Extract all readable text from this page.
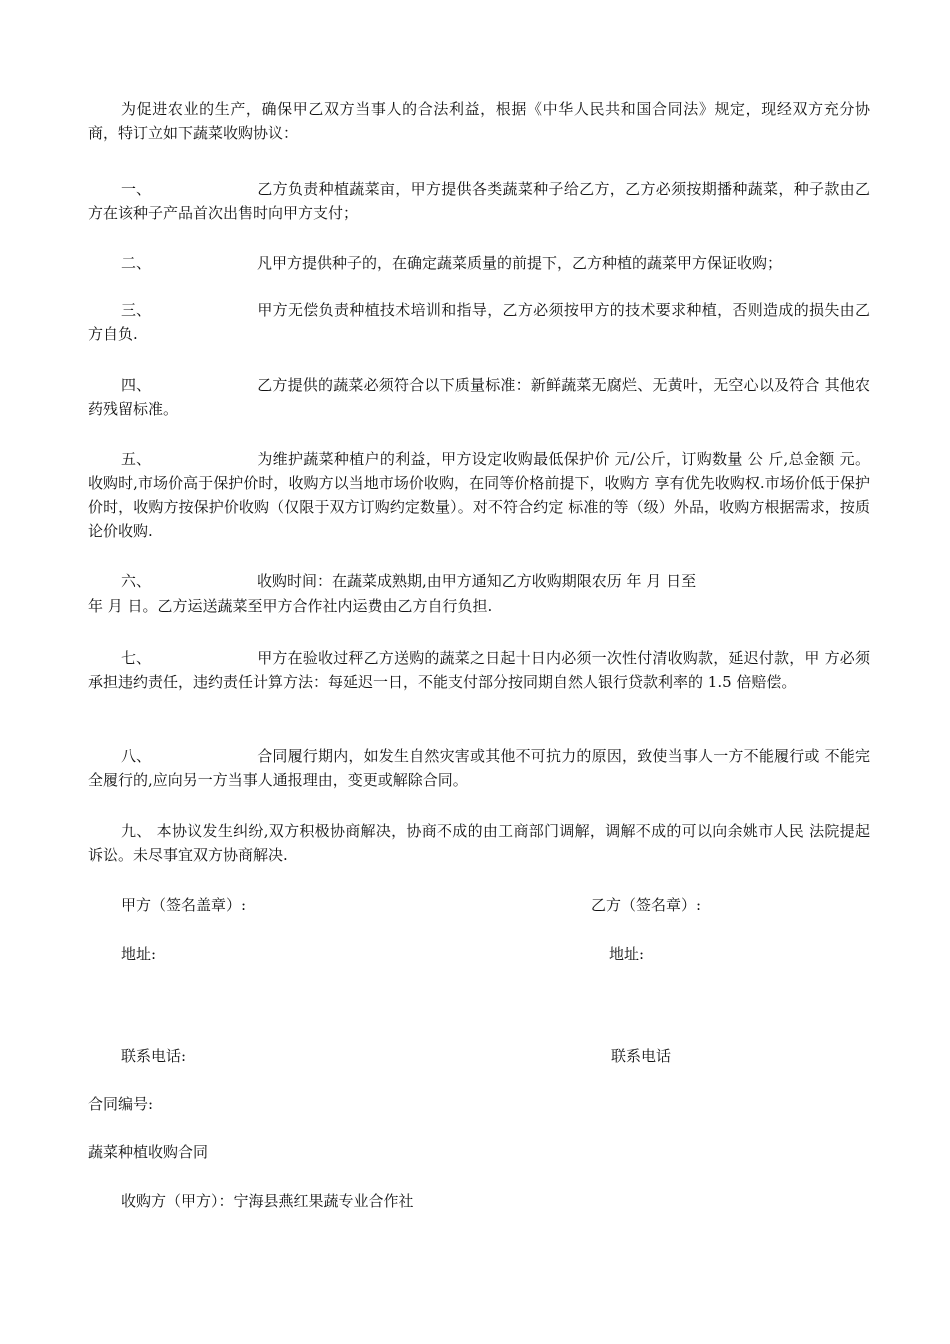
为促进农业的生产，确保甲乙双方当事人的合法利益，根据《中华人民共和国合同法》规定，现经双方充分协商，特订立如下蔬菜收购协议：

一、	乙方负责种植蔬菜亩，甲方提供各类蔬菜种子给乙方，乙方必须按期播种蔬菜，种子款由乙方在该种子产品首次出售时向甲方支付；

二、	凡甲方提供种子的，在确定蔬菜质量的前提下，乙方种植的蔬菜甲方保证收购；

三、	甲方无偿负责种植技术培训和指导，乙方必须按甲方的技术要求种植，否则造成的损失由乙方自负.

四、	乙方提供的蔬菜必须符合以下质量标准：新鲜蔬菜无腐烂、无黄叶，无空心以及符合 其他农药残留标准。

五、	为维护蔬菜种植户的利益，甲方设定收购最低保护价 元/公斤，订购数量 公 斤,总金额 元。收购时,市场价高于保护价时，收购方以当地市场价收购，在同等价格前提下，收购方 享有优先收购权.市场价低于保护价时，收购方按保护价收购（仅限于双方订购约定数量）。对不符合约定 标准的等（级）外品，收购方根据需求，按质论价收购.

六、	收购时间：在蔬菜成熟期,由甲方通知乙方收购期限农历 年 月 日至

年 月 日。乙方运送蔬菜至甲方合作社内运费由乙方自行负担.

七、	甲方在验收过秤乙方送购的蔬菜之日起十日内必须一次性付清收购款，延迟付款，甲 方必须承担违约责任，违约责任计算方法：每延迟一日，不能支付部分按同期自然人银行贷款利率的 1.5 倍赔偿。

八、	合同履行期内，如发生自然灾害或其他不可抗力的原因，致使当事人一方不能履行或 不能完全履行的,应向另一方当事人通报理由，变更或解除合同。

九、 本协议发生纠纷,双方积极协商解决，协商不成的由工商部门调解，调解不成的可以向余姚市人民 法院提起诉讼。未尽事宜双方协商解决.

甲方（签名盖章）:	乙方（签名章）:
地址:	地址:
联系电话:	联系电话
合同编号:
蔬菜种植收购合同
收购方（甲方）：宁海县燕红果蔬专业合作社
